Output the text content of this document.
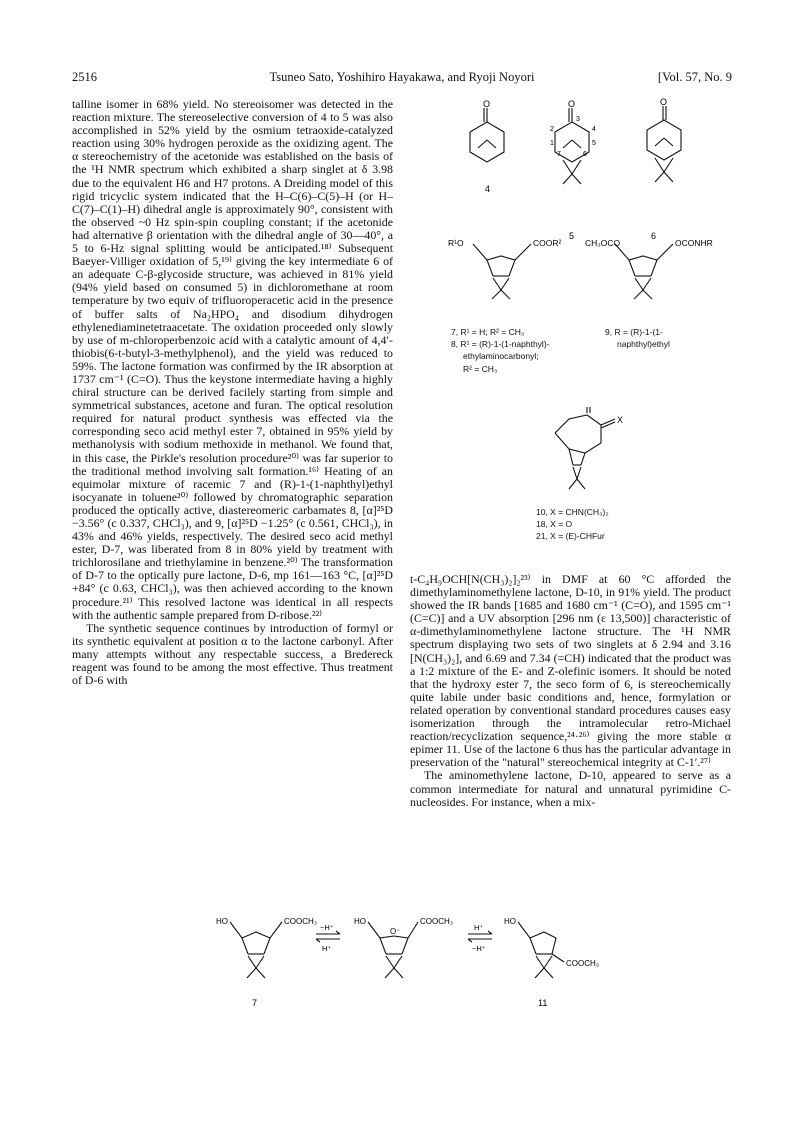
2516	Tsuneo Sato, Yoshihiro Hayakawa, and Ryoji Noyori	[Vol. 57, No. 9

talline isomer in 68% yield. No stereoisomer was detected in the reaction mixture. The stereoselective conversion of 4 to 5 was also accomplished in 52% yield by the osmium tetraoxide-catalyzed reaction using 30% hydrogen peroxide as the oxidizing agent. The α stereochemistry of the acetonide was established on the basis of the ¹H NMR spectrum which exhibited a sharp singlet at δ 3.98 due to the equivalent H6 and H7 protons. A Dreiding model of this rigid tricyclic system indicated that the H–C(6)–C(5)–H (or H–C(7)–C(1)–H) dihedral angle is approximately 90°, consistent with the observed ~0 Hz spin-spin coupling constant; if the acetonide had alternative β orientation with the dihedral angle of 30—40°, a 5 to 6-Hz signal splitting would be anticipated.¹⁸⁾ Subsequent Baeyer-Villiger oxidation of 5,¹⁹⁾ giving the key intermediate 6 of an adequate C-β-glycoside structure, was achieved in 81% yield (94% yield based on consumed 5) in dichloromethane at room temperature by two equiv of trifluoroperacetic acid in the presence of buffer salts of Na₂HPO₄ and disodium dihydrogen ethylenediaminetetraacetate. The oxidation proceeded only slowly by use of m-chloroperbenzoic acid with a catalytic amount of 4,4′-thiobis(6-t-butyl-3-methylphenol), and the yield was reduced to 59%. The lactone formation was confirmed by the IR absorption at 1737 cm⁻¹ (C=O). Thus the keystone intermediate having a highly chiral structure can be derived facilely starting from simple and symmetrical substances, acetone and furan. The optical resolution required for natural product synthesis was effected via the corresponding seco acid methyl ester 7, obtained in 95% yield by methanolysis with sodium methoxide in methanol. We found that, in this case, the Pirkle's resolution procedure²⁰⁾ was far superior to the traditional method involving salt formation.¹⁶⁾ Heating of an equimolar mixture of racemic 7 and (R)-1-(1-naphthyl)ethyl isocyanate in toluene²⁰⁾ followed by chromatographic separation produced the optically active, diastereomeric carbamates 8, [α]²⁵D −3.56° (c 0.337, CHCl₃), and 9, [α]²⁵D −1.25° (c 0.561, CHCl₃), in 43% and 46% yields, respectively. The desired seco acid methyl ester, D-7, was liberated from 8 in 80% yield by treatment with trichlorosilane and triethylamine in benzene.²⁰⁾ The transformation of D-7 to the optically pure lactone, D-6, mp 161—163 °C, [α]²⁵D +84° (c 0.63, CHCl₃), was then achieved according to the known procedure.²¹⁾ This resolved lactone was identical in all respects with the authentic sample prepared from D-ribose.²²⁾

The synthetic sequence continues by introduction of formyl or its synthetic equivalent at position α to the lactone carbonyl. After many attempts without any respectable success, a Bredereck reagent was found to be among the most effective. Thus treatment of D-6 with

O	O	O
3
2	4
1	5
7	6
4
5	6
R¹O	COOR²	CH₃OCO	OCONHR
7, R¹ = H; R² = CH₃
8, R¹ = (R)-1-(1-naphthyl)-
ethylaminocarbonyl;
R² = CH₃
9, R = (R)-1-(1-
naphthyl)ethyl
X
10, X = CHN(CH₃)₂
18, X = O
21, X = (E)-CHFur

t-C₄H₉OCH[N(CH₃)₂]₂²³⁾ in DMF at 60 °C afforded the dimethylaminomethylene lactone, D-10, in 91% yield. The product showed the IR bands [1685 and 1680 cm⁻¹ (C=O), and 1595 cm⁻¹ (C=C)] and a UV absorption [296 nm (ε 13,500)] characteristic of α-dimethylaminomethylene lactone structure. The ¹H NMR spectrum displaying two sets of two singlets at δ 2.94 and 3.16 [N(CH₃)₂], and 6.69 and 7.34 (=CH) indicated that the product was a 1:2 mixture of the E- and Z-olefinic isomers. It should be noted that the hydroxy ester 7, the seco form of 6, is stereochemically quite labile under basic conditions and, hence, formylation or related operation by conventional standard procedures causes easy isomerization through the intramolecular retro-Michael reaction/recyclization sequence,²⁴·²⁶⁾ giving the more stable α epimer 11. Use of the lactone 6 thus has the particular advantage in preservation of the "natural" stereochemical integrity at C-1′.²⁷⁾

The aminomethylene lactone, D-10, appeared to serve as a common intermediate for natural and unnatural pyrimidine C-nucleosides. For instance, when a mix-

HO	COOCH₃
−H⁺
H⁺
HO
O⁻
COOCH₃
H⁺
−H⁺
HO
COOCH₃
7	11
